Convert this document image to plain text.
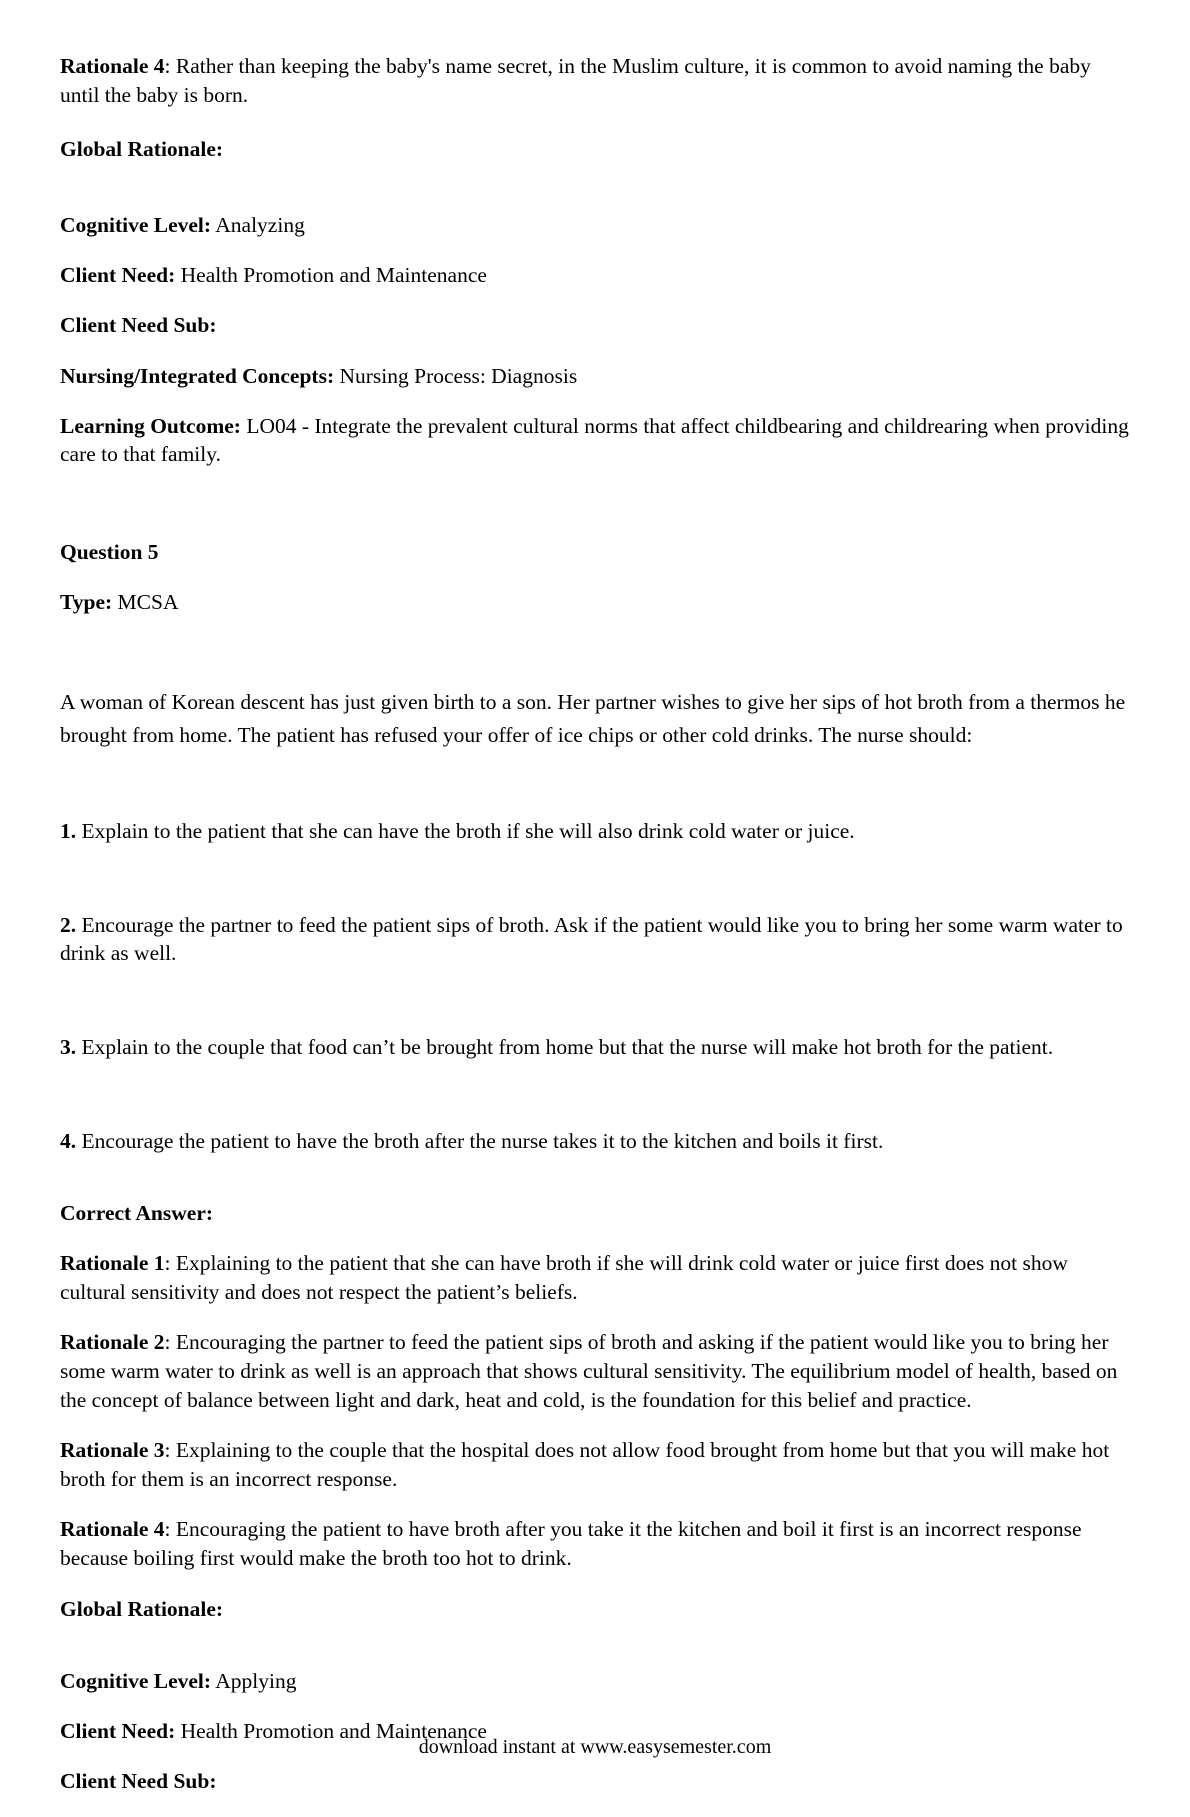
Rationale 4: Rather than keeping the baby's name secret, in the Muslim culture, it is common to avoid naming the baby until the baby is born.

Global Rationale:

Cognitive Level: Analyzing

Client Need: Health Promotion and Maintenance

Client Need Sub:

Nursing/Integrated Concepts: Nursing Process: Diagnosis

Learning Outcome: LO04 - Integrate the prevalent cultural norms that affect childbearing and childrearing when providing care to that family.

Question 5

Type: MCSA

A woman of Korean descent has just given birth to a son. Her partner wishes to give her sips of hot broth from a thermos he brought from home. The patient has refused your offer of ice chips or other cold drinks. The nurse should:

1. Explain to the patient that she can have the broth if she will also drink cold water or juice.

2. Encourage the partner to feed the patient sips of broth. Ask if the patient would like you to bring her some warm water to drink as well.

3. Explain to the couple that food can’t be brought from home but that the nurse will make hot broth for the patient.

4. Encourage the patient to have the broth after the nurse takes it to the kitchen and boils it first.

Correct Answer:

Rationale 1: Explaining to the patient that she can have broth if she will drink cold water or juice first does not show cultural sensitivity and does not respect the patient’s beliefs.

Rationale 2: Encouraging the partner to feed the patient sips of broth and asking if the patient would like you to bring her some warm water to drink as well is an approach that shows cultural sensitivity. The equilibrium model of health, based on the concept of balance between light and dark, heat and cold, is the foundation for this belief and practice.

Rationale 3: Explaining to the couple that the hospital does not allow food brought from home but that you will make hot broth for them is an incorrect response.

Rationale 4: Encouraging the patient to have broth after you take it the kitchen and boil it first is an incorrect response because boiling first would make the broth too hot to drink.

Global Rationale:

Cognitive Level: Applying

Client Need: Health Promotion and Maintenance

Client Need Sub:

download instant at www.easysemester.com
